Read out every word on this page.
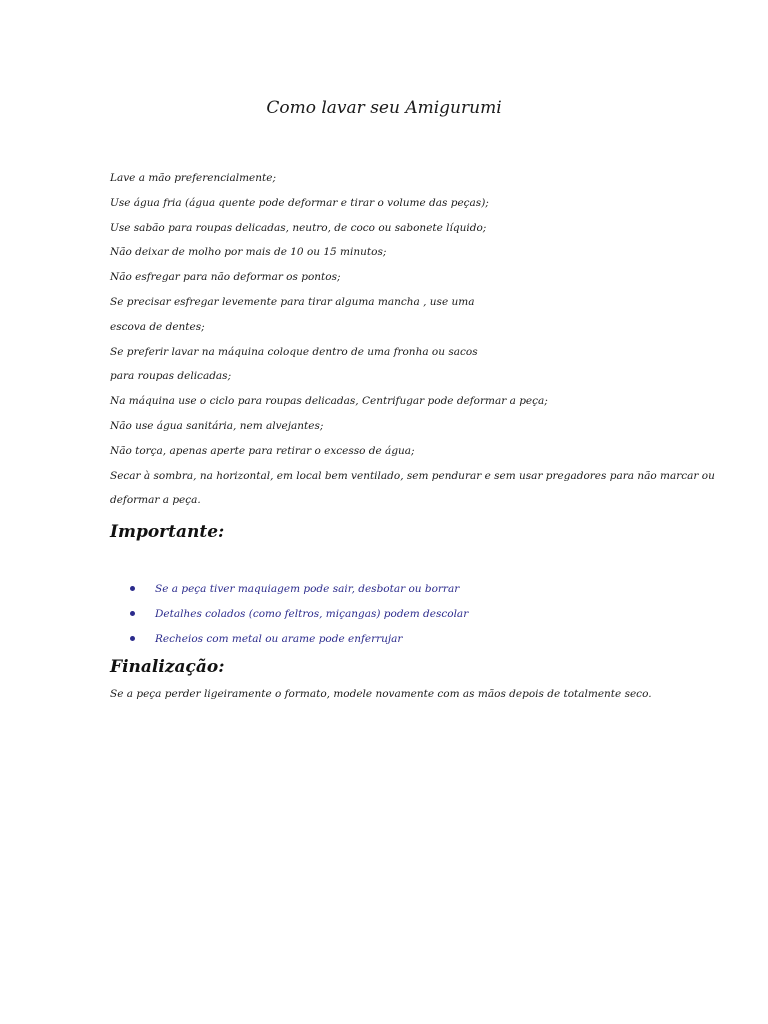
Como lavar seu Amigurumi
Lave a mão preferencialmente;
Use água fria (água quente pode deformar e tirar o volume das peças);
Use sabão para roupas delicadas, neutro, de coco ou sabonete líquido;
Não deixar de molho por mais de 10 ou 15 minutos;
Não esfregar para não deformar os pontos;
Se precisar esfregar levemente para tirar alguma mancha , use uma
escova de dentes;
Se preferir lavar na máquina coloque dentro de uma fronha ou sacos
para roupas delicadas;
Na máquina use o ciclo para roupas delicadas, Centrifugar pode deformar a peça;
Não use água sanitária, nem alvejantes;
Não torça, apenas aperte para retirar o excesso de água;
Secar à sombra, na horizontal, em local bem ventilado, sem pendurar e sem usar pregadores para não marcar ou
deformar a peça.
Importante:
Se a peça tiver maquiagem pode sair, desbotar ou borrar
Detalhes colados (como feltros, miçangas) podem descolar
Recheios com metal ou arame pode enferrujar
Finalização:

Se a peça perder ligeiramente o formato, modele novamente com as mãos depois de totalmente seco.
